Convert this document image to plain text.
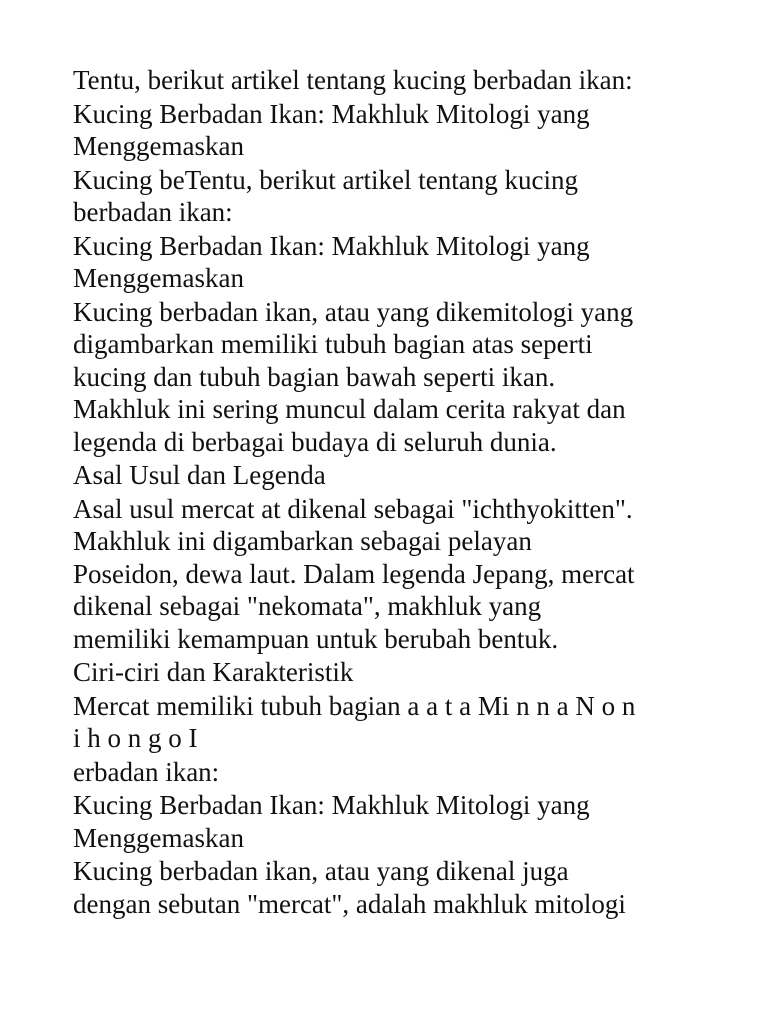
Tentu, berikut artikel tentang kucing berbadan ikan:

Kucing Berbadan Ikan: Makhluk Mitologi yang
Menggemaskan

Kucing beTentu, berikut artikel tentang kucing
berbadan ikan:

Kucing Berbadan Ikan: Makhluk Mitologi yang
Menggemaskan

Kucing berbadan ikan, atau yang dikemitologi yang
digambarkan memiliki tubuh bagian atas seperti
kucing dan tubuh bagian bawah seperti ikan.
Makhluk ini sering muncul dalam cerita rakyat dan
legenda di berbagai budaya di seluruh dunia.

Asal Usul dan Legenda

Asal usul mercat at dikenal sebagai "ichthyokitten".
Makhluk ini digambarkan sebagai pelayan
Poseidon, dewa laut. Dalam legenda Jepang, mercat
dikenal sebagai "nekomata", makhluk yang
memiliki kemampuan untuk berubah bentuk.

Ciri-ciri dan Karakteristik

Mercat memiliki tubuh bagian a a t a Mi n n a N o n
i h o n g o I

erbadan ikan:

Kucing Berbadan Ikan: Makhluk Mitologi yang
Menggemaskan

Kucing berbadan ikan, atau yang dikenal juga
dengan sebutan "mercat", adalah makhluk mitologi
